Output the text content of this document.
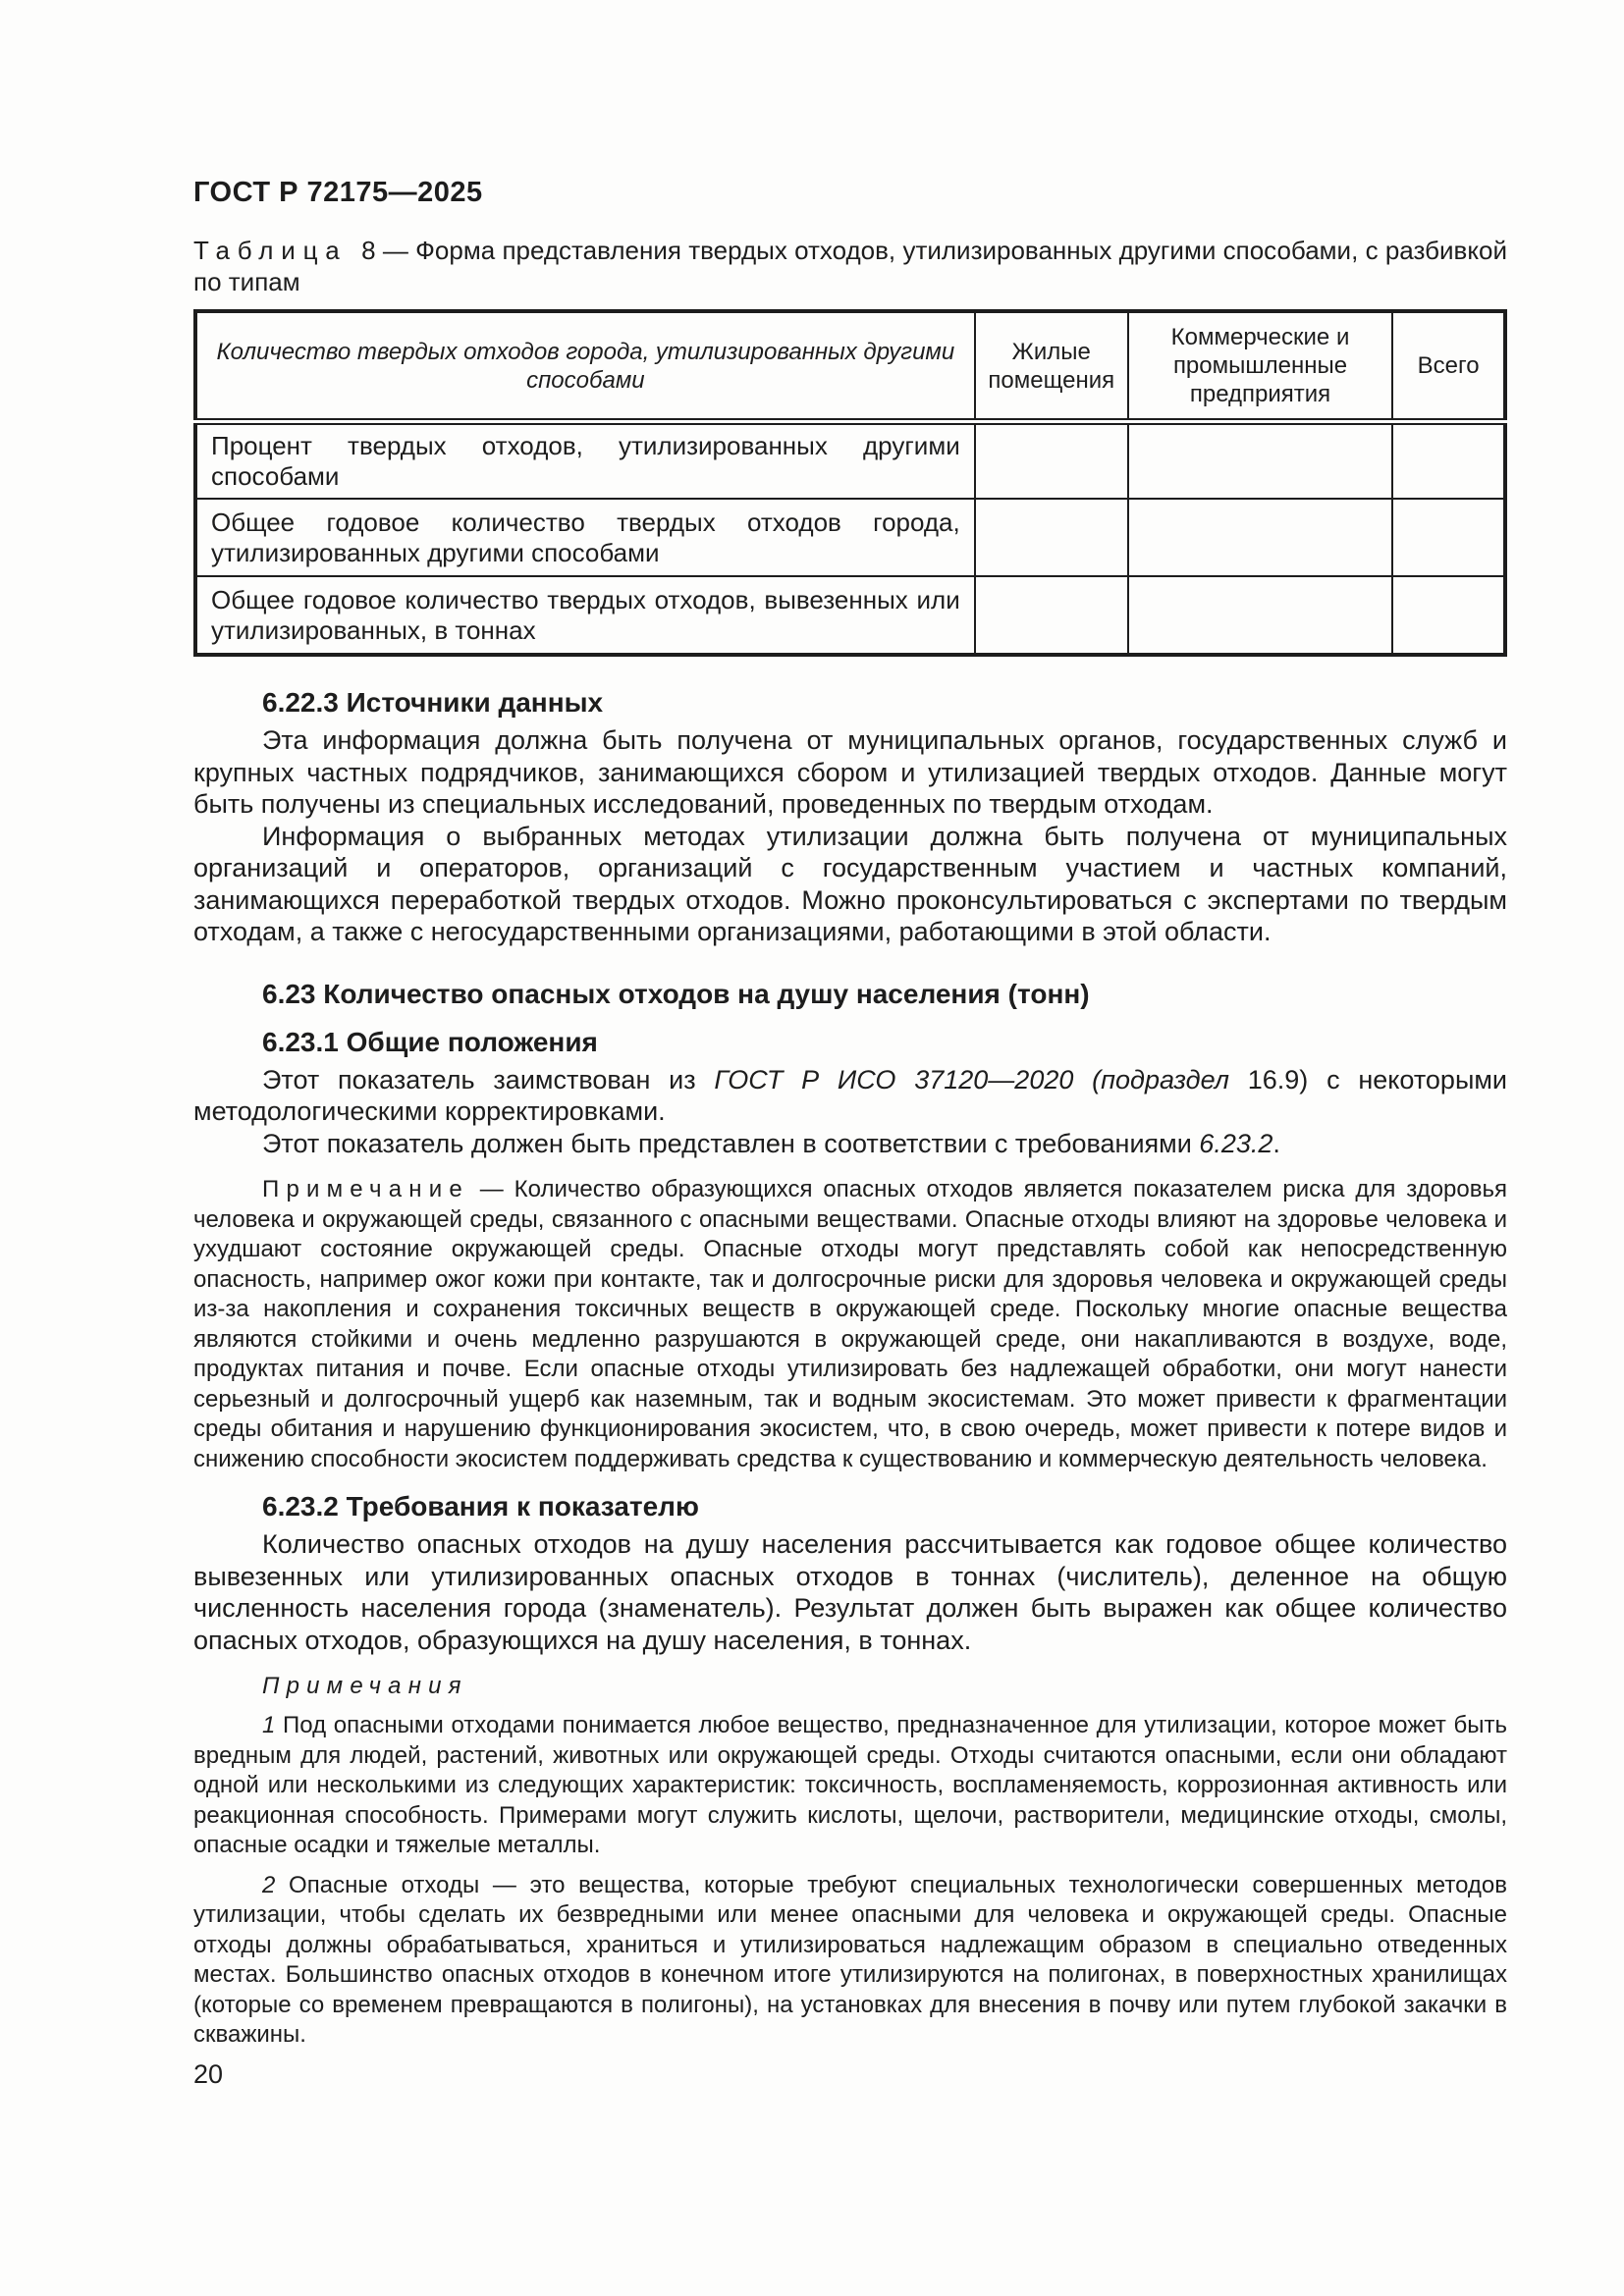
ГОСТ Р 72175—2025
Таблица 8 — Форма представления твердых отходов, утилизированных другими способами, с разбивкой по типам
Количество твердых отходов города, утилизированных другими способами	Жилые помещения	Коммерческие и промышленные предприятия	Всего
Процент твердых отходов, утилизированных другими способами			
Общее годовое количество твердых отходов города, утилизированных другими способами			
Общее годовое количество твердых отходов, вывезенных или утилизированных, в тоннах			
6.22.3 Источники данных

Эта информация должна быть получена от муниципальных органов, государственных служб и крупных частных подрядчиков, занимающихся сбором и утилизацией твердых отходов. Данные могут быть получены из специальных исследований, проведенных по твердым отходам.

Информация о выбранных методах утилизации должна быть получена от муниципальных организаций и операторов, организаций с государственным участием и частных компаний, занимающихся переработкой твердых отходов. Можно проконсультироваться с экспертами по твердым отходам, а также с негосударственными организациями, работающими в этой области.

6.23 Количество опасных отходов на душу населения (тонн)
6.23.1 Общие положения

Этот показатель заимствован из ГОСТ Р ИСО 37120—2020 (подраздел 16.9) с некоторыми методологическими корректировками.

Этот показатель должен быть представлен в соответствии с требованиями 6.23.2.

Примечание — Количество образующихся опасных отходов является показателем риска для здоровья человека и окружающей среды, связанного с опасными веществами. Опасные отходы влияют на здоровье человека и ухудшают состояние окружающей среды. Опасные отходы могут представлять собой как непосредственную опасность, например ожог кожи при контакте, так и долгосрочные риски для здоровья человека и окружающей среды из-за накопления и сохранения токсичных веществ в окружающей среде. Поскольку многие опасные вещества являются стойкими и очень медленно разрушаются в окружающей среде, они накапливаются в воздухе, воде, продуктах питания и почве. Если опасные отходы утилизировать без надлежащей обработки, они могут нанести серьезный и долгосрочный ущерб как наземным, так и водным экосистемам. Это может привести к фрагментации среды обитания и нарушению функционирования экосистем, что, в свою очередь, может привести к потере видов и снижению способности экосистем поддерживать средства к существованию и коммерческую деятельность человека.

6.23.2 Требования к показателю

Количество опасных отходов на душу населения рассчитывается как годовое общее количество вывезенных или утилизированных опасных отходов в тоннах (числитель), деленное на общую численность населения города (знаменатель). Результат должен быть выражен как общее количество опасных отходов, образующихся на душу населения, в тоннах.

Примечания

1 Под опасными отходами понимается любое вещество, предназначенное для утилизации, которое может быть вредным для людей, растений, животных или окружающей среды. Отходы считаются опасными, если они обладают одной или несколькими из следующих характеристик: токсичность, воспламеняемость, коррозионная активность или реакционная способность. Примерами могут служить кислоты, щелочи, растворители, медицинские отходы, смолы, опасные осадки и тяжелые металлы.

2 Опасные отходы — это вещества, которые требуют специальных технологически совершенных методов утилизации, чтобы сделать их безвредными или менее опасными для человека и окружающей среды. Опасные отходы должны обрабатываться, храниться и утилизироваться надлежащим образом в специально отведенных местах. Большинство опасных отходов в конечном итоге утилизируются на полигонах, в поверхностных хранилищах (которые со временем превращаются в полигоны), на установках для внесения в почву или путем глубокой закачки в скважины.

20
